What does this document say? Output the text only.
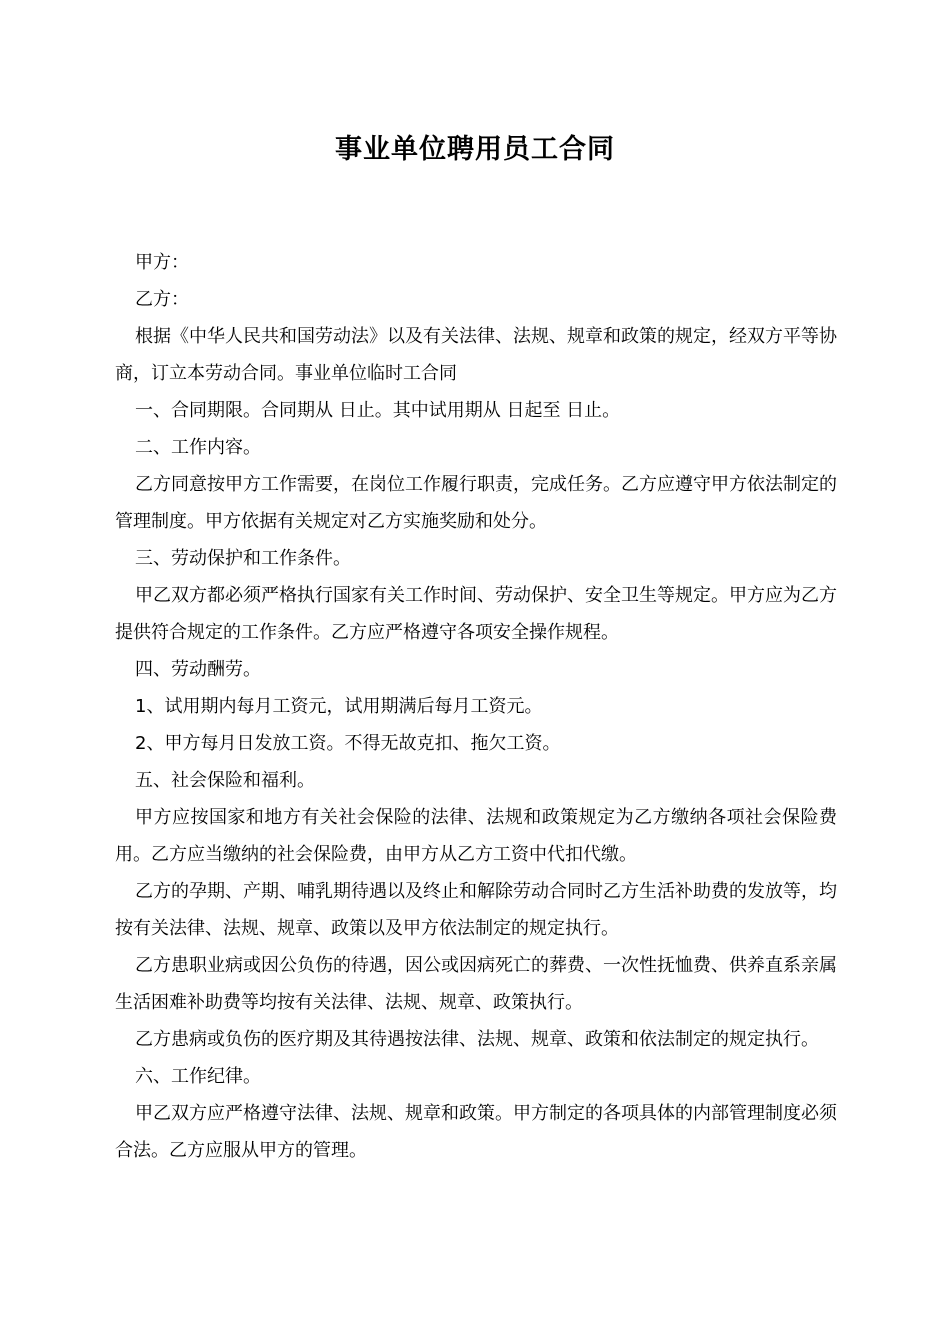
事业单位聘用员工合同

甲方：

乙方：

根据《中华人民共和国劳动法》以及有关法律、法规、规章和政策的规定，经双方平等协商，订立本劳动合同。事业单位临时工合同

一、合同期限。合同期从 日止。其中试用期从 日起至 日止。

二、工作内容。

乙方同意按甲方工作需要，在岗位工作履行职责，完成任务。乙方应遵守甲方依法制定的管理制度。甲方依据有关规定对乙方实施奖励和处分。

三、劳动保护和工作条件。

甲乙双方都必须严格执行国家有关工作时间、劳动保护、安全卫生等规定。甲方应为乙方提供符合规定的工作条件。乙方应严格遵守各项安全操作规程。

四、劳动酬劳。

1、试用期内每月工资元，试用期满后每月工资元。

2、甲方每月日发放工资。不得无故克扣、拖欠工资。

五、社会保险和福利。

甲方应按国家和地方有关社会保险的法律、法规和政策规定为乙方缴纳各项社会保险费用。乙方应当缴纳的社会保险费，由甲方从乙方工资中代扣代缴。

乙方的孕期、产期、哺乳期待遇以及终止和解除劳动合同时乙方生活补助费的发放等，均按有关法律、法规、规章、政策以及甲方依法制定的规定执行。

乙方患职业病或因公负伤的待遇，因公或因病死亡的葬费、一次性抚恤费、供养直系亲属生活困难补助费等均按有关法律、法规、规章、政策执行。

乙方患病或负伤的医疗期及其待遇按法律、法规、规章、政策和依法制定的规定执行。

六、工作纪律。

甲乙双方应严格遵守法律、法规、规章和政策。甲方制定的各项具体的内部管理制度必须合法。乙方应服从甲方的管理。
